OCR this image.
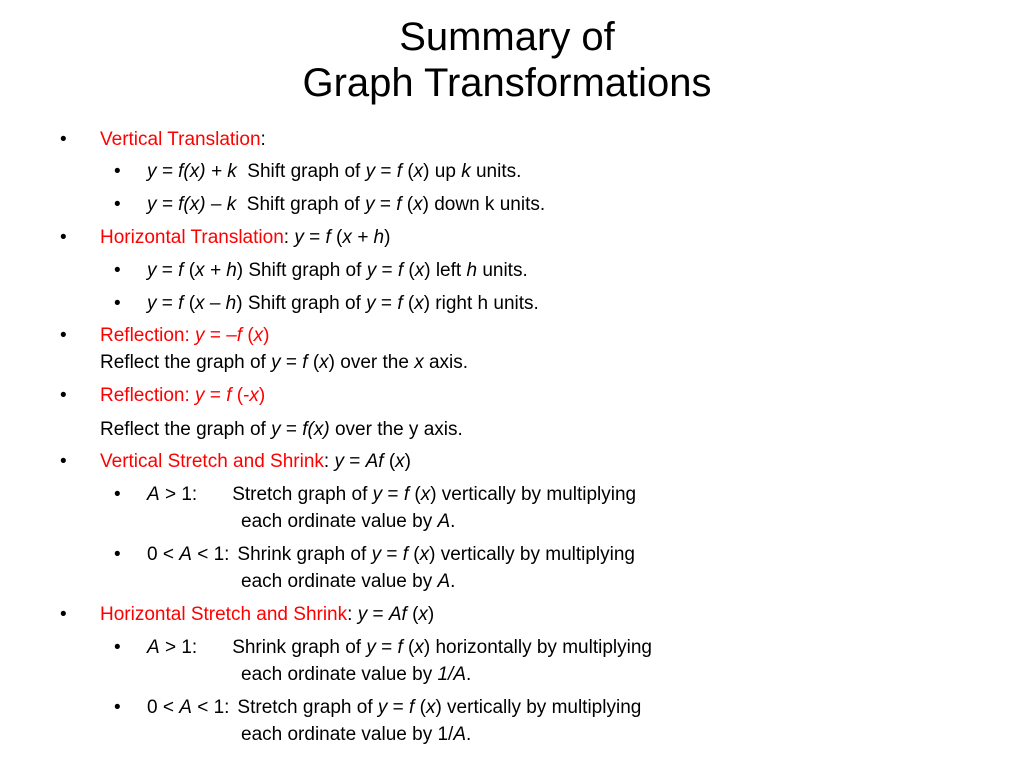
Summary of
Graph Transformations
• Vertical Translation:
• y = f(x) + k  Shift graph of y = f (x) up k units.
• y = f(x) – k  Shift graph of y = f (x) down k units.
• Horizontal Translation: y = f (x + h)
• y = f (x + h) Shift graph of y = f (x) left h units.
• y = f (x – h) Shift graph of y = f (x) right h units.
• Reflection: y = –f (x)
Reflect the graph of y = f (x) over the x axis.
• Reflection: y = f (-x)
Reflect the graph of y = f(x) over the y axis.
• Vertical Stretch and Shrink: y = Af (x)
• A > 1: Stretch graph of y = f (x) vertically by multiplying
each ordinate value by A.
• 0 < A < 1: Shrink graph of y = f (x) vertically by multiplying
each ordinate value by A.
• Horizontal Stretch and Shrink: y = Af (x)
• A > 1: Shrink graph of y = f (x) horizontally by multiplying
each ordinate value by 1/A.
• 0 < A < 1: Stretch graph of y = f (x) vertically by multiplying
each ordinate value by 1/A.
